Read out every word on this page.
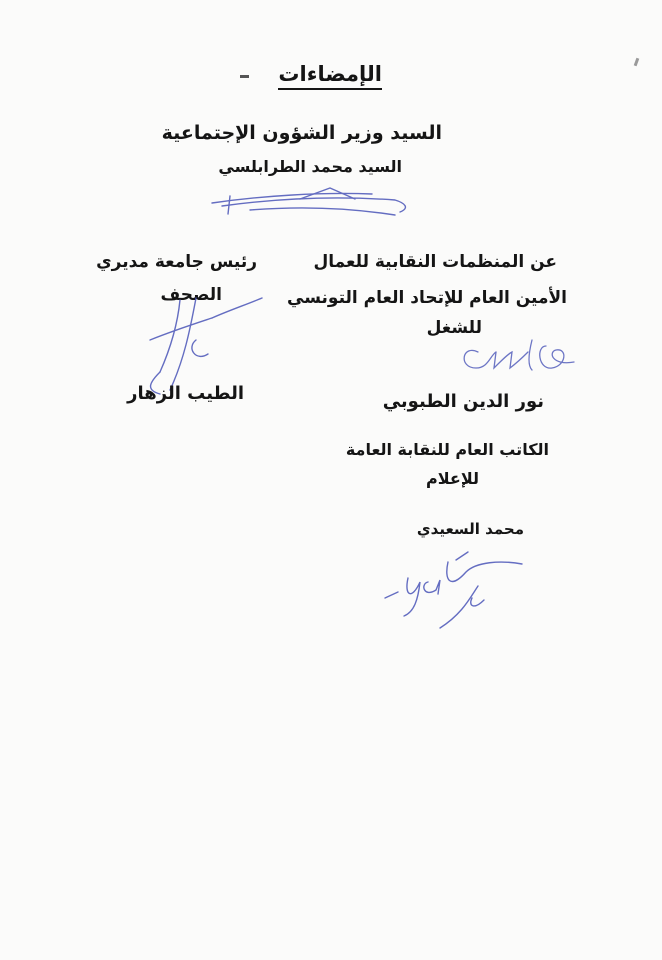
الإمضاءات

السيد وزير الشؤون الإجتماعية

السيد محمد الطرابلسي

عن المنظمات النقابية للعمال

الأمين العام للإتحاد العام التونسي

للشغل

نور الدين الطبوبي

رئيس جامعة مديري

الصحف

الطيب الزهار

الكاتب العام للنقابة العامة

للإعلام

محمد السعيدي
